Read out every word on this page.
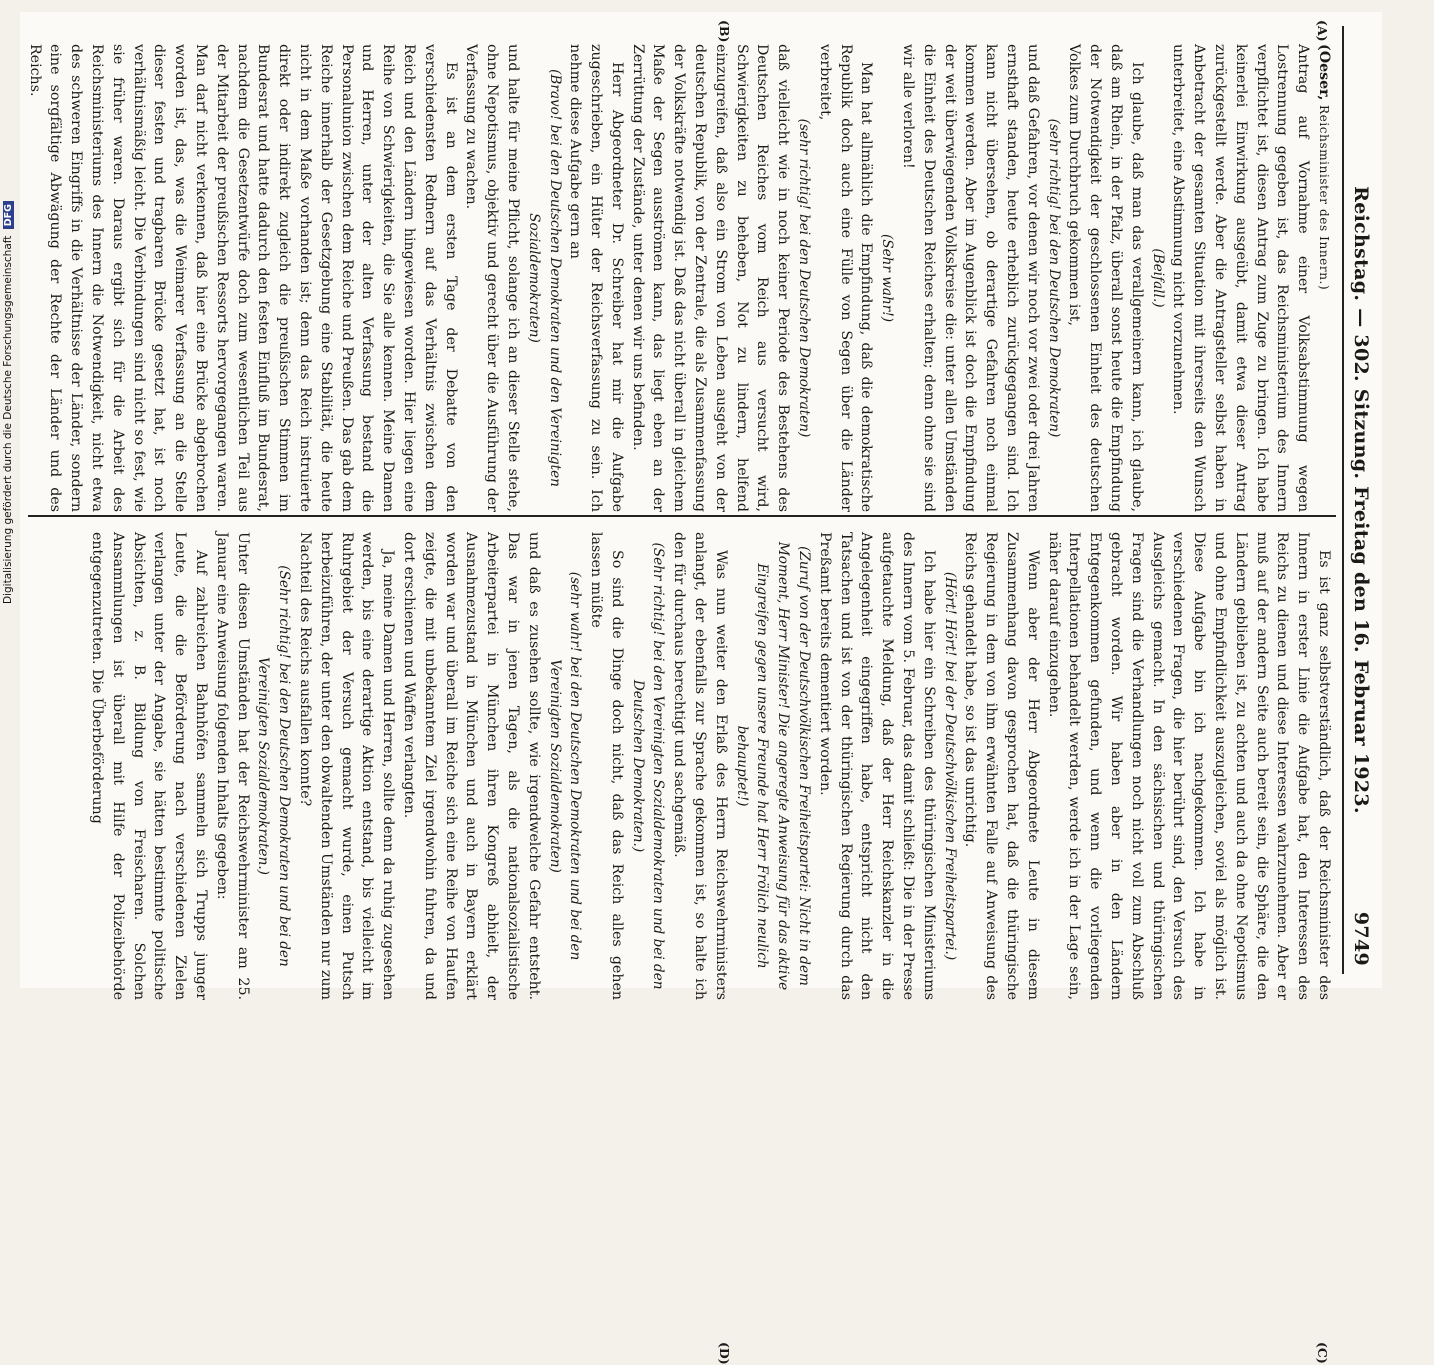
Reichstag. — 302. Sitzung. Freitag den 16. Februar 1923.
9749
(A)
(B)
(C)
(D)

(Oeser, Reichsminister des Innern.)

Antrag auf Vornahme einer Volksabstimmung wegen Lostrennung gegeben ist, das Reichsministerium des Innern verpflichtet ist, diesen Antrag zum Zuge zu bringen. Ich habe keinerlei Einwirkung ausgeübt, damit etwa dieser Antrag zurückgestellt werde. Aber die Antragsteller selbst haben in Anbetracht der gesamten Situation mit ihrerseits den Wunsch unterbreitet, eine Abstimmung nicht vorzunehmen.

(Beifall.)

Ich glaube, daß man das verallgemeinern kann, ich glaube, daß am Rhein, in der Pfalz, überall sonst heute die Empfindung der Notwendigkeit der geschlossenen Einheit des deutschen Volkes zum Durchbruch gekommen ist,

(sehr richtig! bei den Deutschen Demokraten)

und daß Gefahren, vor denen wir noch vor zwei oder drei Jahren ernsthaft standen, heute erheblich zurückgegangen sind. Ich kann nicht übersehen, ob derartige Gefahren noch einmal kommen werden. Aber im Augenblick ist doch die Empfindung der weit überwiegenden Volkskreise die: unter allen Umständen die Einheit des Deutschen Reiches erhalten; denn ohne sie sind wir alle verloren!

(Sehr wahr!)

Man hat allmählich die Empfindung, daß die demokratische Republik doch auch eine Fülle von Segen über die Länder verbreitet,

(sehr richtig! bei den Deutschen Demokraten)

daß vielleicht wie in noch keiner Periode des Bestehens des Deutschen Reiches vom Reich aus versucht wird, Schwierigkeiten zu beheben, Not zu lindern, helfend einzugreifen, daß also ein Strom von Leben ausgeht von der deutschen Republik, von der Zentrale, die als Zusammenfassung der Volkskräfte notwendig ist. Daß das nicht überall in gleichem Maße der Segen ausströmen kann, das liegt eben an der Zerrüttung der Zustände, unter denen wir uns befinden.

Herr Abgeordneter Dr. Schreiber hat mir die Aufgabe zugeschrieben, ein Hüter der Reichsverfassung zu sein. Ich nehme diese Aufgabe gern an

(Bravo! bei den Deutschen Demokraten und den Vereinigten Sozialdemokraten)

und halte für meine Pflicht, solange ich an dieser Stelle stehe, ohne Nepotismus, objektiv und gerecht über die Ausführung der Verfassung zu wachen.

Es ist an dem ersten Tage der Debatte von den verschiedensten Rednern auf das Verhältnis zwischen dem Reich und den Ländern hingewiesen worden. Hier liegen eine Reihe von Schwierigkeiten, die Sie alle kennen. Meine Damen und Herren, unter der alten Verfassung bestand die Personalunion zwischen dem Reiche und Preußen. Das gab dem Reiche innerhalb der Gesetzgebung eine Stabilität, die heute nicht in dem Maße vorhanden ist; denn das Reich instruierte direkt oder indirekt zugleich die preußischen Stimmen im Bundesrat und hatte dadurch den festen Einfluß im Bundesrat, nachdem die Gesetzentwürfe doch zum wesentlichen Teil aus der Mitarbeit der preußischen Ressorts hervorgegangen waren. Man darf nicht verkennen, daß hier eine Brücke abgebrochen worden ist, das, was die Weimarer Verfassung an die Stelle dieser festen und tragbaren Brücke gesetzt hat, ist noch verhältnismäßig leicht. Die Verbindungen sind nicht so fest, wie sie früher waren. Daraus ergibt sich für die Arbeit des Reichsministeriums des Innern die Notwendigkeit, nicht etwa des schweren Eingriffs in die Verhältnisse der Länder, sondern eine sorgfältige Abwägung der Rechte der Länder und des Reichs.

Es ist ganz selbstverständlich, daß der Reichsminister des Innern in erster Linie die Aufgabe hat, den Interessen des Reichs zu dienen und diese Interessen wahrzunehmen. Aber er muß auf der andern Seite auch bereit sein, die Sphäre, die den Ländern geblieben ist, zu achten und auch da ohne Nepotismus und ohne Empfindlichkeit auszugleichen, soviel als möglich ist. Diese Aufgabe bin ich nachgekommen. Ich habe in verschiedenen Fragen, die hier berührt sind, den Versuch des Ausgleichs gemacht. In den sächsischen und thüringischen Fragen sind die Verhandlungen noch nicht voll zum Abschluß gebracht worden. Wir haben aber in den Ländern Entgegenkommen gefunden, und wenn die vorliegenden Interpellationen behandelt werden, werde ich in der Lage sein, näher darauf einzugehen.

Wenn aber der Herr Abgeordnete Leute in diesem Zusammenhang davon gesprochen hat, daß die thüringische Regierung in dem von ihm erwähnten Falle auf Anweisung des Reichs gehandelt habe, so ist das unrichtig.

(Hört! Hört! bei der Deutschvölkischen Freiheitspartei.)

Ich habe hier ein Schreiben des thüringischen Ministeriums des Innern vom 5. Februar, das damit schließt: Die in der Presse aufgetauchte Meldung, daß der Herr Reichskanzler in die Angelegenheit eingegriffen habe, entspricht nicht den Tatsachen und ist von der thüringischen Regierung durch das Preßamt bereits dementiert worden.

(Zuruf von der Deutschvölkischen Freiheitspartei: Nicht in dem Moment, Herr Minister! Die angeregte Anweisung für das aktive Eingreifen gegen unsere Freunde hat Herr Frölich neulich behauptet!)

Was nun weiter den Erlaß des Herrn Reichswehrministers anlangt, der ebenfalls zur Sprache gekommen ist, so halte ich den für durchaus berechtigt und sachgemäß.

(Sehr richtig! bei den Vereinigten Sozialdemokraten und bei den Deutschen Demokraten.)

So sind die Dinge doch nicht, daß das Reich alles gehen lassen müßte

(sehr wahr! bei den Deutschen Demokraten und bei den Vereinigten Sozialdemokraten)

und daß es zusehen sollte, wie irgendwelche Gefahr entsteht. Das war in jenen Tagen, als die nationalsozialistische Arbeiterpartei in München ihren Kongreß abhielt, der Ausnahmezustand in München und auch in Bayern erklärt worden war und überall im Reiche sich eine Reihe von Haufen zeigte, die mit unbekanntem Ziel irgendwohin fuhren, da und dort erschienen und Waffen verlangten.

Ja, meine Damen und Herren, sollte denn da ruhig zugesehen werden, bis eine derartige Aktion entstand, bis vielleicht im Ruhrgebiet der Versuch gemacht wurde, einen Putsch herbeizuführen, der unter den obwaltenden Umständen nur zum Nachteil des Reichs ausfallen konnte?

(Sehr richtig! bei den Deutschen Demokraten und bei den Vereinigten Sozialdemokraten.)

Unter diesen Umständen hat der Reichswehrminister am 25. Januar eine Anweisung folgenden Inhalts gegeben:

Auf zahlreichen Bahnhöfen sammeln sich Trupps junger Leute, die die Beförderung nach verschiedenen Zielen verlangen unter der Angabe, sie hätten bestimmte politische Absichten, z. B. Bildung von Freischaren. Solchen Ansammlungen ist überall mit Hilfe der Polizeibehörde entgegenzutreten. Die Überbeförderung

Digitalisierung gefördert durch die Deutsche Forschungsgemeinschaft DFG
